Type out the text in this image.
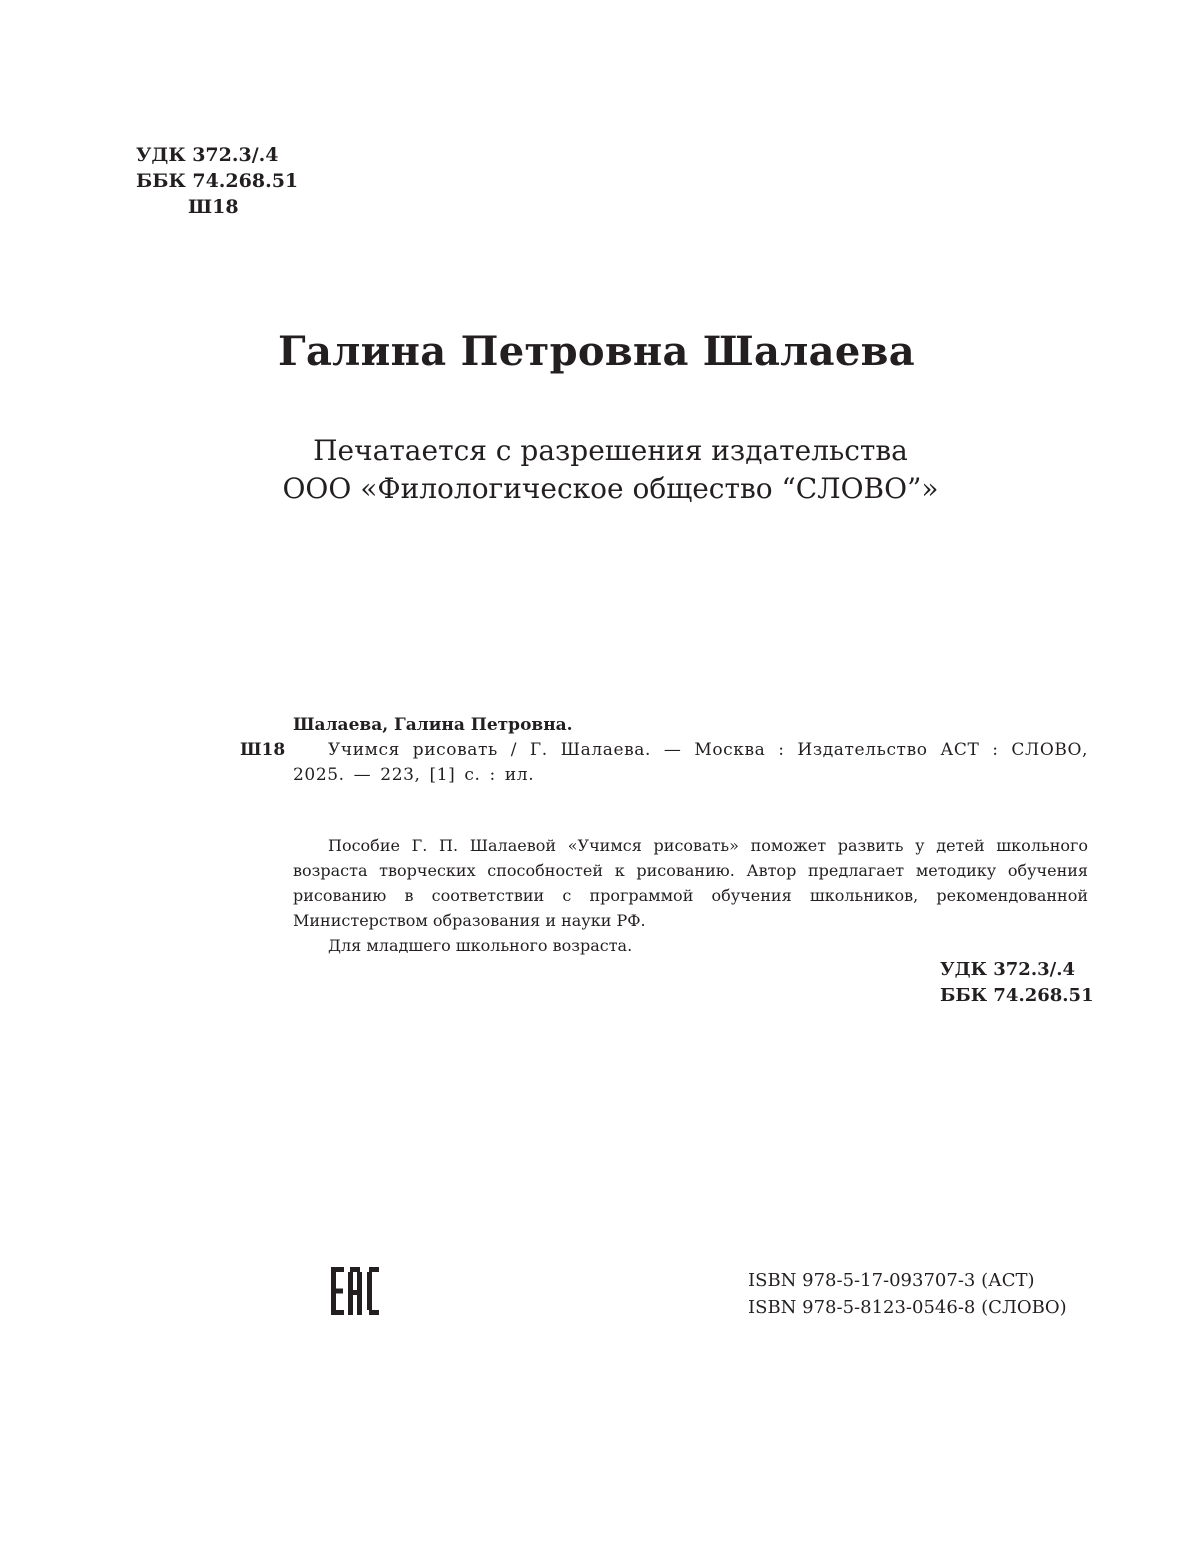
УДК 372.3/.4
ББК 74.268.51
Ш18
Галина Петровна Шалаева
Печатается с разрешения издательства
ООО «Филологическое общество “СЛОВО”»
Ш18
Шалаева, Галина Петровна.
Учимся рисовать / Г. Шалаева. — Москва : Издательство АСТ : СЛОВО, 2025. — 223, [1] с. : ил.

Пособие Г. П. Шалаевой «Учимся рисовать» поможет развить у детей школьного возраста творческих способностей к рисованию. Автор предлагает методику обучения рисованию в соответствии с программой обучения школьников, рекомендованной Министерством образования и науки РФ.

Для младшего школьного возраста.

УДК 372.3/.4
ББК 74.268.51
ISBN 978-5-17-093707-3 (АСТ)
ISBN 978-5-8123-0546-8 (СЛОВО)
